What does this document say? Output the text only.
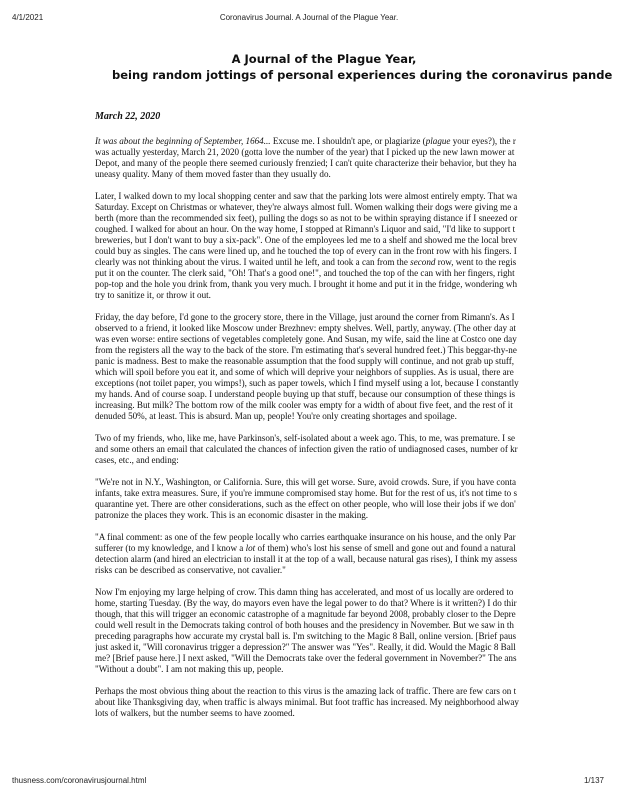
4/1/2021	Coronavirus Journal. A Journal of the Plague Year.
A Journal of the Plague Year,
being random jottings of personal experiences during the coronavirus pande

March 22, 2020

It was about the beginning of September, 1664... Excuse me. I shouldn't ape, or plagiarize (plague your eyes?), the r
was actually yesterday, March 21, 2020 (gotta love the number of the year) that I picked up the new lawn mower at
Depot, and many of the people there seemed curiously frenzied; I can't quite characterize their behavior, but they ha
uneasy quality. Many of them moved faster than they usually do.

Later, I walked down to my local shopping center and saw that the parking lots were almost entirely empty. That wa
Saturday. Except on Christmas or whatever, they're always almost full. Women walking their dogs were giving me a
berth (more than the recommended six feet), pulling the dogs so as not to be within spraying distance if I sneezed or
coughed. I walked for about an hour. On the way home, I stopped at Rimann's Liquor and said, "I'd like to support t
breweries, but I don't want to buy a six-pack". One of the employees led me to a shelf and showed me the local brev
could buy as singles. The cans were lined up, and he touched the top of every can in the front row with his fingers. I
clearly was not thinking about the virus. I waited until he left, and took a can from the second row, went to the regis
put it on the counter. The clerk said, "Oh! That's a good one!", and touched the top of the can with her fingers, right
pop-top and the hole you drink from, thank you very much. I brought it home and put it in the fridge, wondering wh
try to sanitize it, or throw it out.

Friday, the day before, I'd gone to the grocery store, there in the Village, just around the corner from Rimann's. As I
observed to a friend, it looked like Moscow under Brezhnev: empty shelves. Well, partly, anyway. (The other day at
was even worse: entire sections of vegetables completely gone. And Susan, my wife, said the line at Costco one day
from the registers all the way to the back of the store. I'm estimating that's several hundred feet.) This beggar-thy-ne
panic is madness. Best to make the reasonable assumption that the food supply will continue, and not grab up stuff,
which will spoil before you eat it, and some of which will deprive your neighbors of supplies. As is usual, there are
exceptions (not toilet paper, you wimps!), such as paper towels, which I find myself using a lot, because I constantly
my hands. And of course soap. I understand people buying up that stuff, because our consumption of these things is
increasing. But milk? The bottom row of the milk cooler was empty for a width of about five feet, and the rest of it
denuded 50%, at least. This is absurd. Man up, people! You're only creating shortages and spoilage.

Two of my friends, who, like me, have Parkinson's, self-isolated about a week ago. This, to me, was premature. I se
and some others an email that calculated the chances of infection given the ratio of undiagnosed cases, number of kr
cases, etc., and ending:

"We're not in N.Y., Washington, or California. Sure, this will get worse. Sure, avoid crowds. Sure, if you have conta
infants, take extra measures. Sure, if you're immune compromised stay home. But for the rest of us, it's not time to s
quarantine yet. There are other considerations, such as the effect on other people, who will lose their jobs if we don'
patronize the places they work. This is an economic disaster in the making.

"A final comment: as one of the few people locally who carries earthquake insurance on his house, and the only Par
sufferer (to my knowledge, and I know a lot of them) who's lost his sense of smell and gone out and found a natural
detection alarm (and hired an electrician to install it at the top of a wall, because natural gas rises), I think my assess
risks can be described as conservative, not cavalier."

Now I'm enjoying my large helping of crow. This damn thing has accelerated, and most of us locally are ordered to
home, starting Tuesday. (By the way, do mayors even have the legal power to do that? Where is it written?) I do thir
though, that this will trigger an economic catastrophe of a magnitude far beyond 2008, probably closer to the Depre
could well result in the Democrats taking control of both houses and the presidency in November. But we saw in th
preceding paragraphs how accurate my crystal ball is. I'm switching to the Magic 8 Ball, online version. [Brief paus
just asked it, "Will coronavirus trigger a depression?" The answer was "Yes". Really, it did. Would the Magic 8 Ball
me? [Brief pause here.] I next asked, "Will the Democrats take over the federal government in November?" The ans
"Without a doubt". I am not making this up, people.

Perhaps the most obvious thing about the reaction to this virus is the amazing lack of traffic. There are few cars on t
about like Thanksgiving day, when traffic is always minimal. But foot traffic has increased. My neighborhood alway
lots of walkers, but the number seems to have zoomed.

thusness.com/coronavirusjournal.html	1/137
